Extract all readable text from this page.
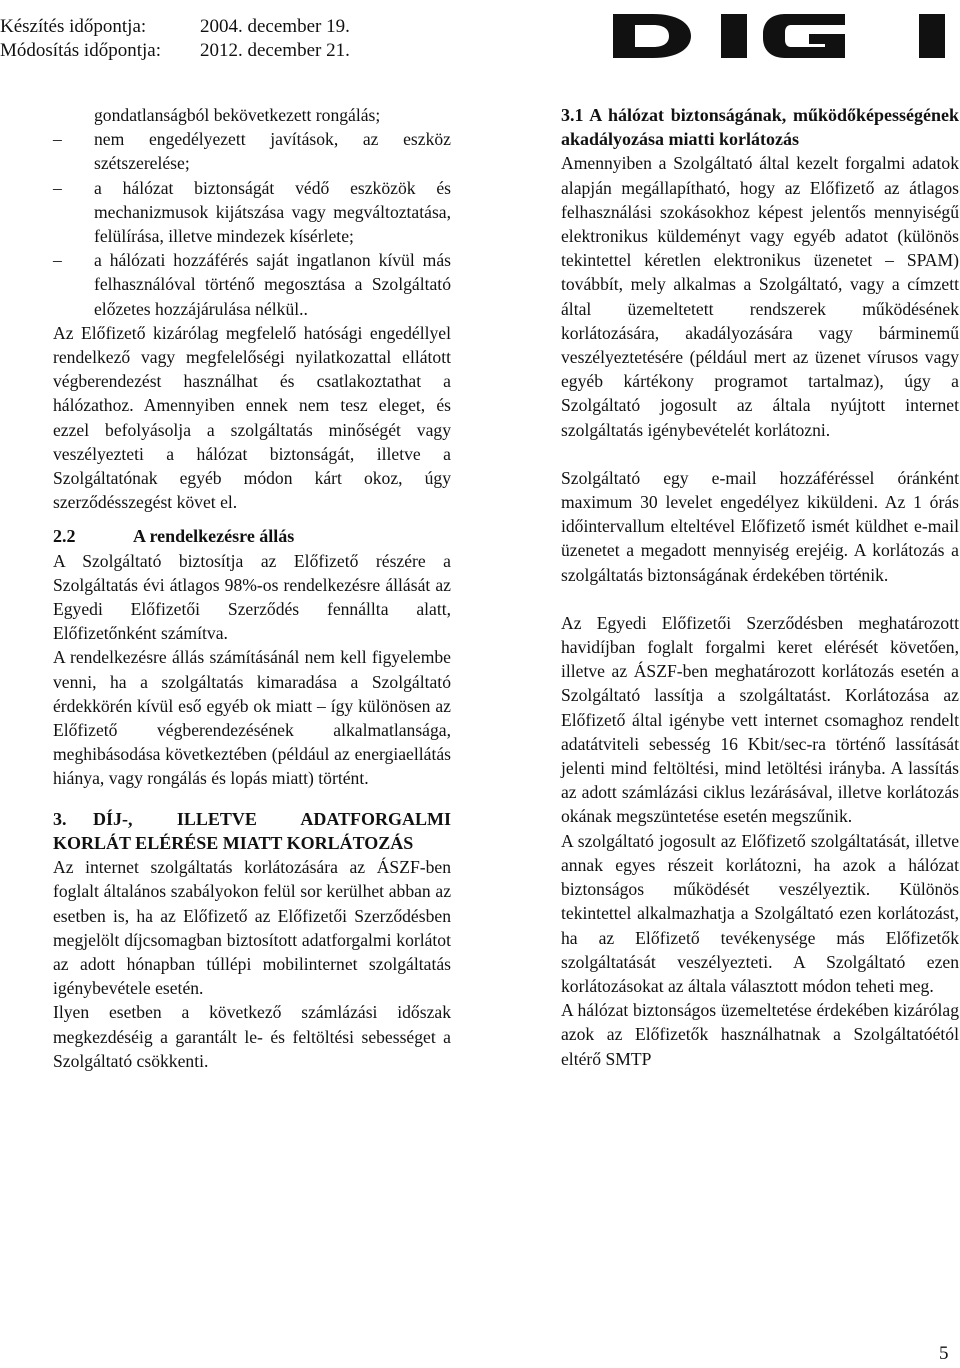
Készítés időpontja:	2004. december 19.
Módosítás időpontja: 2012. december 21.

gondatlanságból bekövetkezett rongálás;

–	nem engedélyezett javítások, az eszköz szétszerelése;

–	a hálózat biztonságát védő eszközök és mechanizmusok kijátszása vagy megváltoztatása, felülírása, illetve mindezek kísérlete;

–	a hálózati hozzáférés saját ingatlanon kívül más felhasználóval történő megosztása a Szolgáltató előzetes hozzájárulása nélkül..

Az Előfizető kizárólag megfelelő hatósági engedéllyel rendelkező vagy megfelelőségi nyilatkozattal ellátott végberendezést használhat és csatlakoztathat a hálózathoz. Amennyiben ennek nem tesz eleget, és ezzel befolyásolja a szolgáltatás minőségét vagy veszélyezteti a hálózat biztonságát, illetve a Szolgáltatónak egyéb módon kárt okoz, úgy szerződésszegést követ el.

2.2	A rendelkezésre állás

A Szolgáltató biztosítja az Előfizető részére a Szolgáltatás évi átlagos 98%-os rendelkezésre állását az Egyedi Előfizetői Szerződés fennállta alatt, Előfizetőnként számítva.

A rendelkezésre állás számításánál nem kell figyelembe venni, ha a szolgáltatás kimaradása a Szolgáltató érdekkörén kívül eső egyéb ok miatt – így különösen az Előfizető végberendezésének alkalmatlansága, meghibásodása következtében (például az energiaellátás hiánya, vagy rongálás és lopás miatt) történt.

3. DÍJ-, ILLETVE ADATFORGALMI KORLÁT ELÉRÉSE MIATT KORLÁTOZÁS

Az internet szolgáltatás korlátozására az ÁSZF-ben foglalt általános szabályokon felül sor kerülhet abban az esetben is, ha az Előfizető az Előfizetői Szerződésben megjelölt díjcsomagban biztosított adatforgalmi korlátot az adott hónapban túllépi mobilinternet szolgáltatás igénybevétele esetén.

Ilyen esetben a következő számlázási időszak megkezdéséig a garantált le- és feltöltési sebességet a Szolgáltató csökkenti.

3.1 A hálózat biztonságának, működőképességének akadályozása miatti korlátozás

Amennyiben a Szolgáltató által kezelt forgalmi adatok alapján megállapítható, hogy az Előfizető az átlagos felhasználási szokásokhoz képest jelentős mennyiségű elektronikus küldeményt vagy egyéb adatot (különös tekintettel kéretlen elektronikus üzenetet – SPAM) továbbít, mely alkalmas a Szolgáltató, vagy a címzett által üzemeltetett rendszerek működésének korlátozására, akadályozására vagy bárminemű veszélyeztetésére (például mert az üzenet vírusos vagy egyéb kártékony programot tartalmaz), úgy a Szolgáltató jogosult az általa nyújtott internet szolgáltatás igénybevételét korlátozni.

Szolgáltató egy e-mail hozzáféréssel óránként maximum 30 levelet engedélyez kiküldeni. Az 1 órás időintervallum elteltével Előfizető ismét küldhet e-mail üzenetet a megadott mennyiség erejéig. A korlátozás a szolgáltatás biztonságának érdekében történik.

Az Egyedi Előfizetői Szerződésben meghatározott havidíjban foglalt forgalmi keret elérését követően, illetve az ÁSZF-ben meghatározott korlátozás esetén a Szolgáltató lassítja a szolgáltatást. Korlátozása az Előfizető által igénybe vett internet csomaghoz rendelt adatátviteli sebesség 16 Kbit/sec-ra történő lassítását jelenti mind feltöltési, mind letöltési irányba. A lassítás az adott számlázási ciklus lezárásával, illetve korlátozás okának megszüntetése esetén megszűnik.

A szolgáltató jogosult az Előfizető szolgáltatását, illetve annak egyes részeit korlátozni, ha azok a hálózat biztonságos működését veszélyeztik. Különös tekintettel alkalmazhatja a Szolgáltató ezen korlátozást, ha az Előfizető tevékenysége más Előfizetők szolgáltatását veszélyezteti. A Szolgáltató ezen korlátozásokat az általa választott módon teheti meg.

A hálózat biztonságos üzemeltetése érdekében kizárólag azok az Előfizetők használhatnak a Szolgáltatóétól eltérő SMTP

5
